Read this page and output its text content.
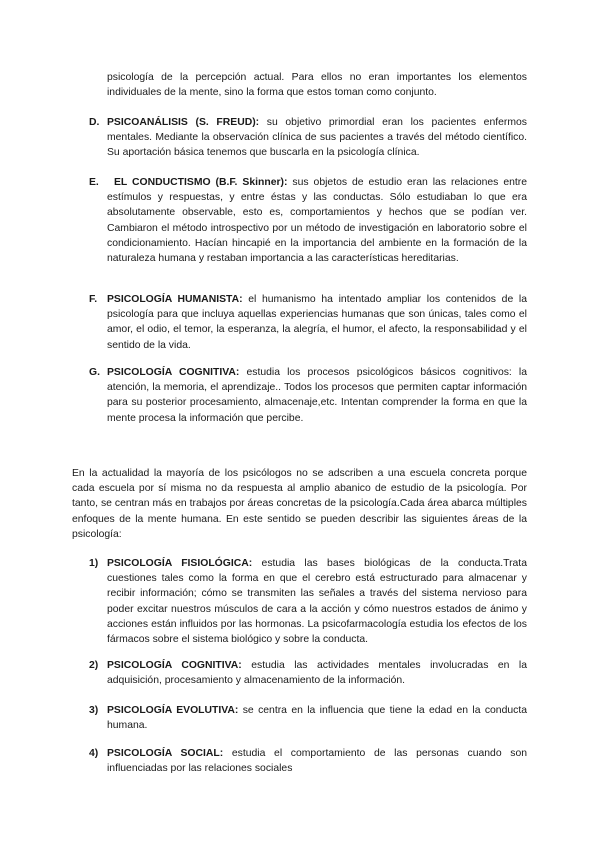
psicología de la percepción actual. Para ellos no eran importantes los elementos individuales de la mente, sino la forma que estos toman como conjunto.

D. PSICOANÁLISIS (S. FREUD): su objetivo primordial eran los pacientes enfermos mentales. Mediante la observación clínica de sus pacientes a través del método científico. Su aportación básica tenemos que buscarla en la psicología clínica.

E.	EL CONDUCTISMO (B.F. Skinner): sus objetos de estudio eran las relaciones entre estímulos y respuestas, y entre éstas y las conductas. Sólo estudiaban lo que era absolutamente observable, esto es, comportamientos y hechos que se podían ver. Cambiaron el método introspectivo por un método de investigación en laboratorio sobre el condicionamiento. Hacían hincapié en la importancia del ambiente en la formación de la naturaleza humana y restaban importancia a las características hereditarias.

F. PSICOLOGÍA HUMANISTA: el humanismo ha intentado ampliar los contenidos de la psicología para que incluya aquellas experiencias humanas que son únicas, tales como el amor, el odio, el temor, la esperanza, la alegría, el humor, el afecto, la responsabilidad y el sentido de la vida.

G. PSICOLOGÍA COGNITIVA: estudia los procesos psicológicos básicos cognitivos: la atención, la memoria, el aprendizaje.. Todos los procesos que permiten captar información para su posterior procesamiento, almacenaje,etc. Intentan comprender la forma en que la mente procesa la información que percibe.

En la actualidad la mayoría de los psicólogos no se adscriben a una escuela concreta porque cada escuela por sí misma no da respuesta al amplio abanico de estudio de la psicología. Por tanto, se centran más en trabajos por áreas concretas de la psicología.Cada área abarca múltiples enfoques de la mente humana. En este sentido se pueden describir las siguientes áreas de la psicología:

1) PSICOLOGÍA FISIOLÓGICA: estudia las bases biológicas de la conducta.Trata cuestiones tales como la forma en que el cerebro está estructurado para almacenar y recibir información; cómo se transmiten las señales a través del sistema nervioso para poder excitar nuestros músculos de cara a la acción y cómo nuestros estados de ánimo y acciones están influidos por las hormonas. La psicofarmacología estudia los efectos de los fármacos sobre el sistema biológico y sobre la conducta.

2) PSICOLOGÍA COGNITIVA: estudia las actividades mentales involucradas en la adquisición, procesamiento y almacenamiento de la información.

3) PSICOLOGÍA EVOLUTIVA: se centra en la influencia que tiene la edad en la conducta humana.

4) PSICOLOGÍA SOCIAL: estudia el comportamiento de las personas cuando son influenciadas por las relaciones sociales
